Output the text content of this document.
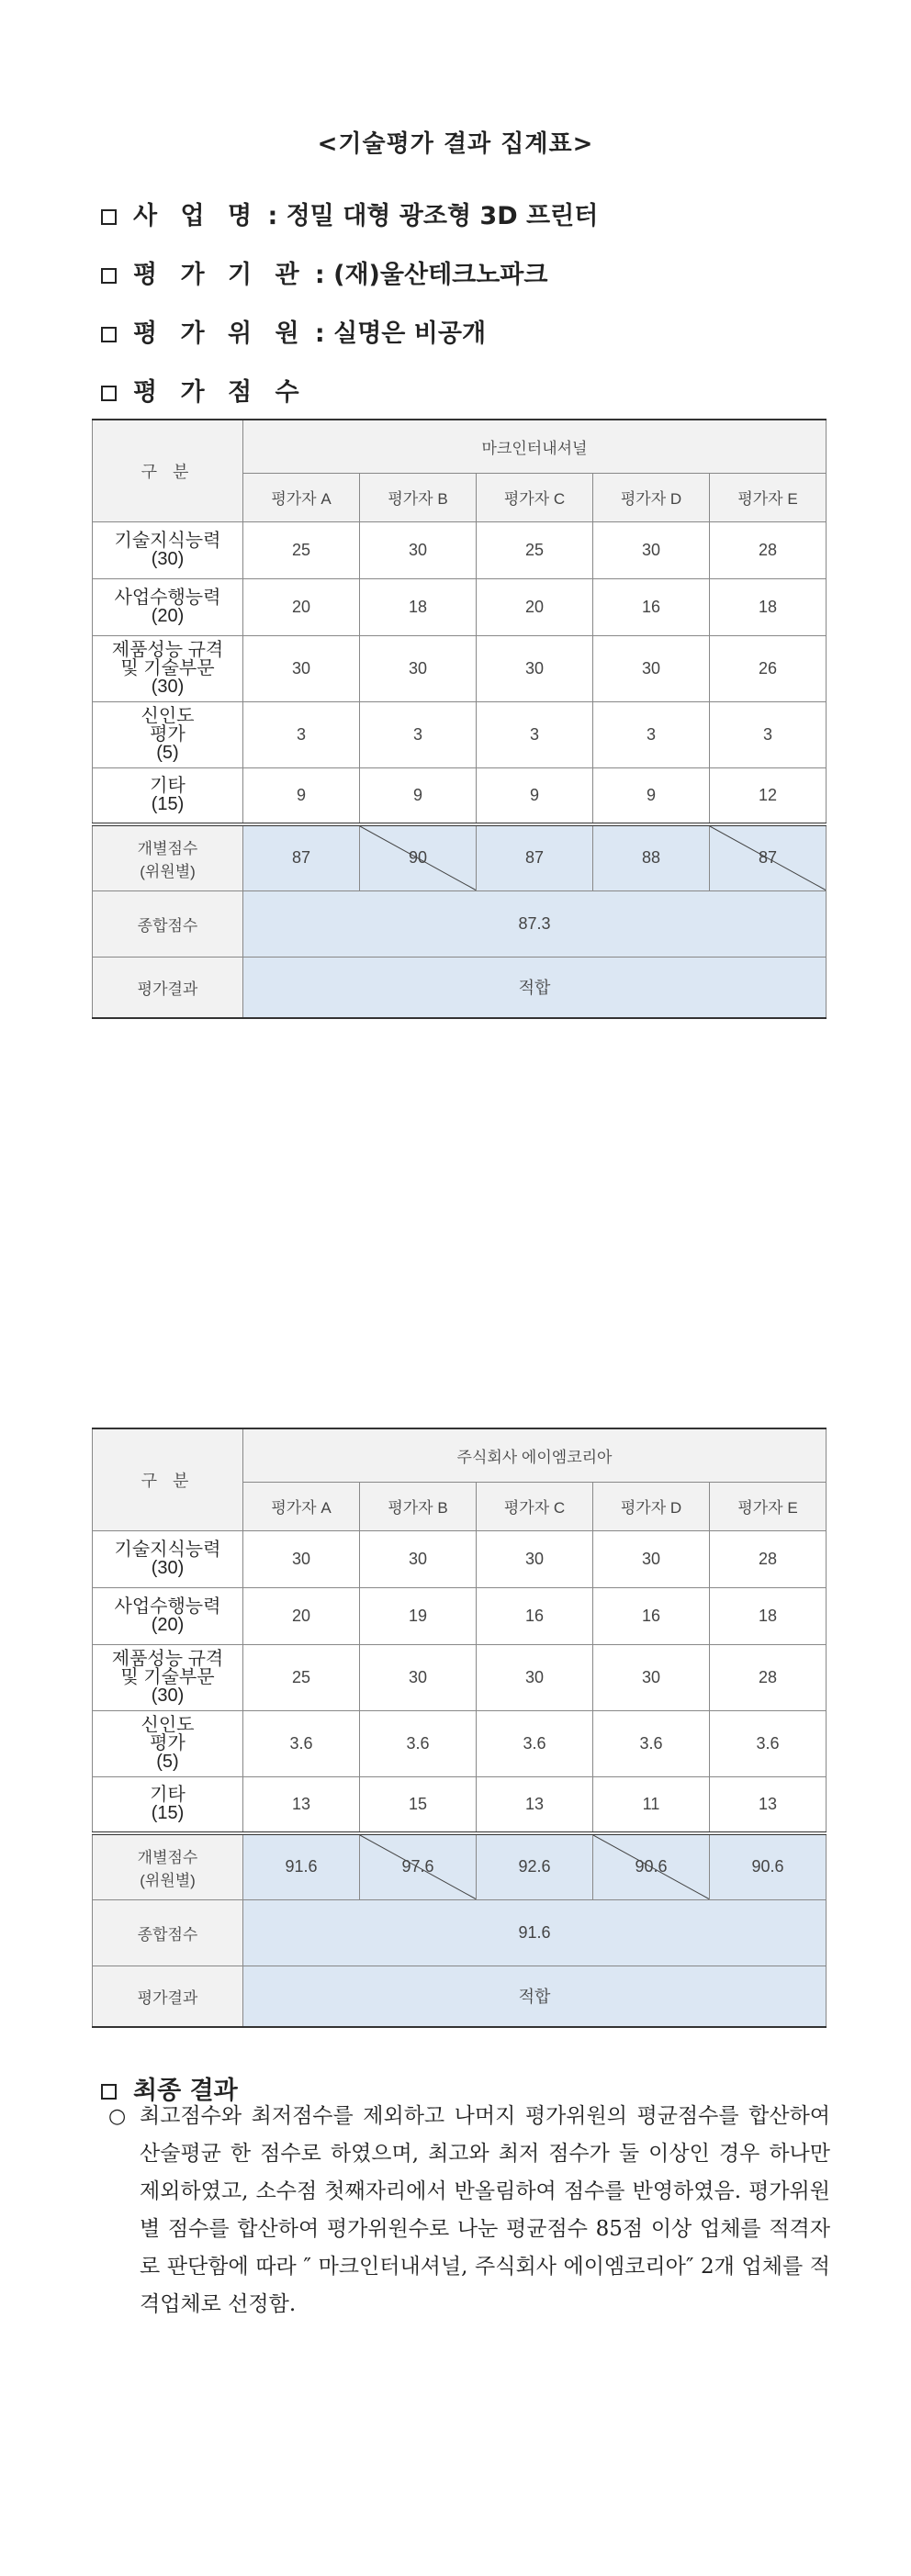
<기술평가 결과 집계표>
사 업 명 : 정밀 대형 광조형 3D 프린터
평 가 기 관 : (재)울산테크노파크
평 가 위 원 : 실명은 비공개
평 가 점 수
구 분	마크인터내셔널				
	평가자 A	평가자 B	평가자 C	평가자 D	평가자 E
기술지식능력
(30)	25	30	25	30	28
사업수행능력
(20)	20	18	20	16	18
제품성능 규격
및 기술부문
(30)	30	30	30	30	26
신인도
평가
(5)	3	3	3	3	3
기타
(15)	9	9	9	9	12
개별점수
(위원별)	87	90	87	88	87
종합점수	87.3				
평가결과	적합				
구 분	주식회사 에이엠코리아				
	평가자 A	평가자 B	평가자 C	평가자 D	평가자 E
기술지식능력
(30)	30	30	30	30	28
사업수행능력
(20)	20	19	16	16	18
제품성능 규격
및 기술부문
(30)	25	30	30	30	28
신인도
평가
(5)	3.6	3.6	3.6	3.6	3.6
기타
(15)	13	15	13	11	13
개별점수
(위원별)	91.6	97.6	92.6	90.6	90.6
종합점수	91.6				
평가결과	적합				
최종 결과
○ 최고점수와 최저점수를 제외하고 나머지 평가위원의 평균점수를 합산하여 산술평균 한 점수로 하였으며, 최고와 최저 점수가 둘 이상인 경우 하나만 제외하였고, 소수점 첫째자리에서 반올림하여 점수를 반영하였음. 평가위원별 점수를 합산하여 평가위원수로 나눈 평균점수 85점 이상 업체를 적격자로 판단함에 따라 ″ 마크인터내셔널, 주식회사 에이엠코리아″ 2개 업체를 적격업체로 선정함.
